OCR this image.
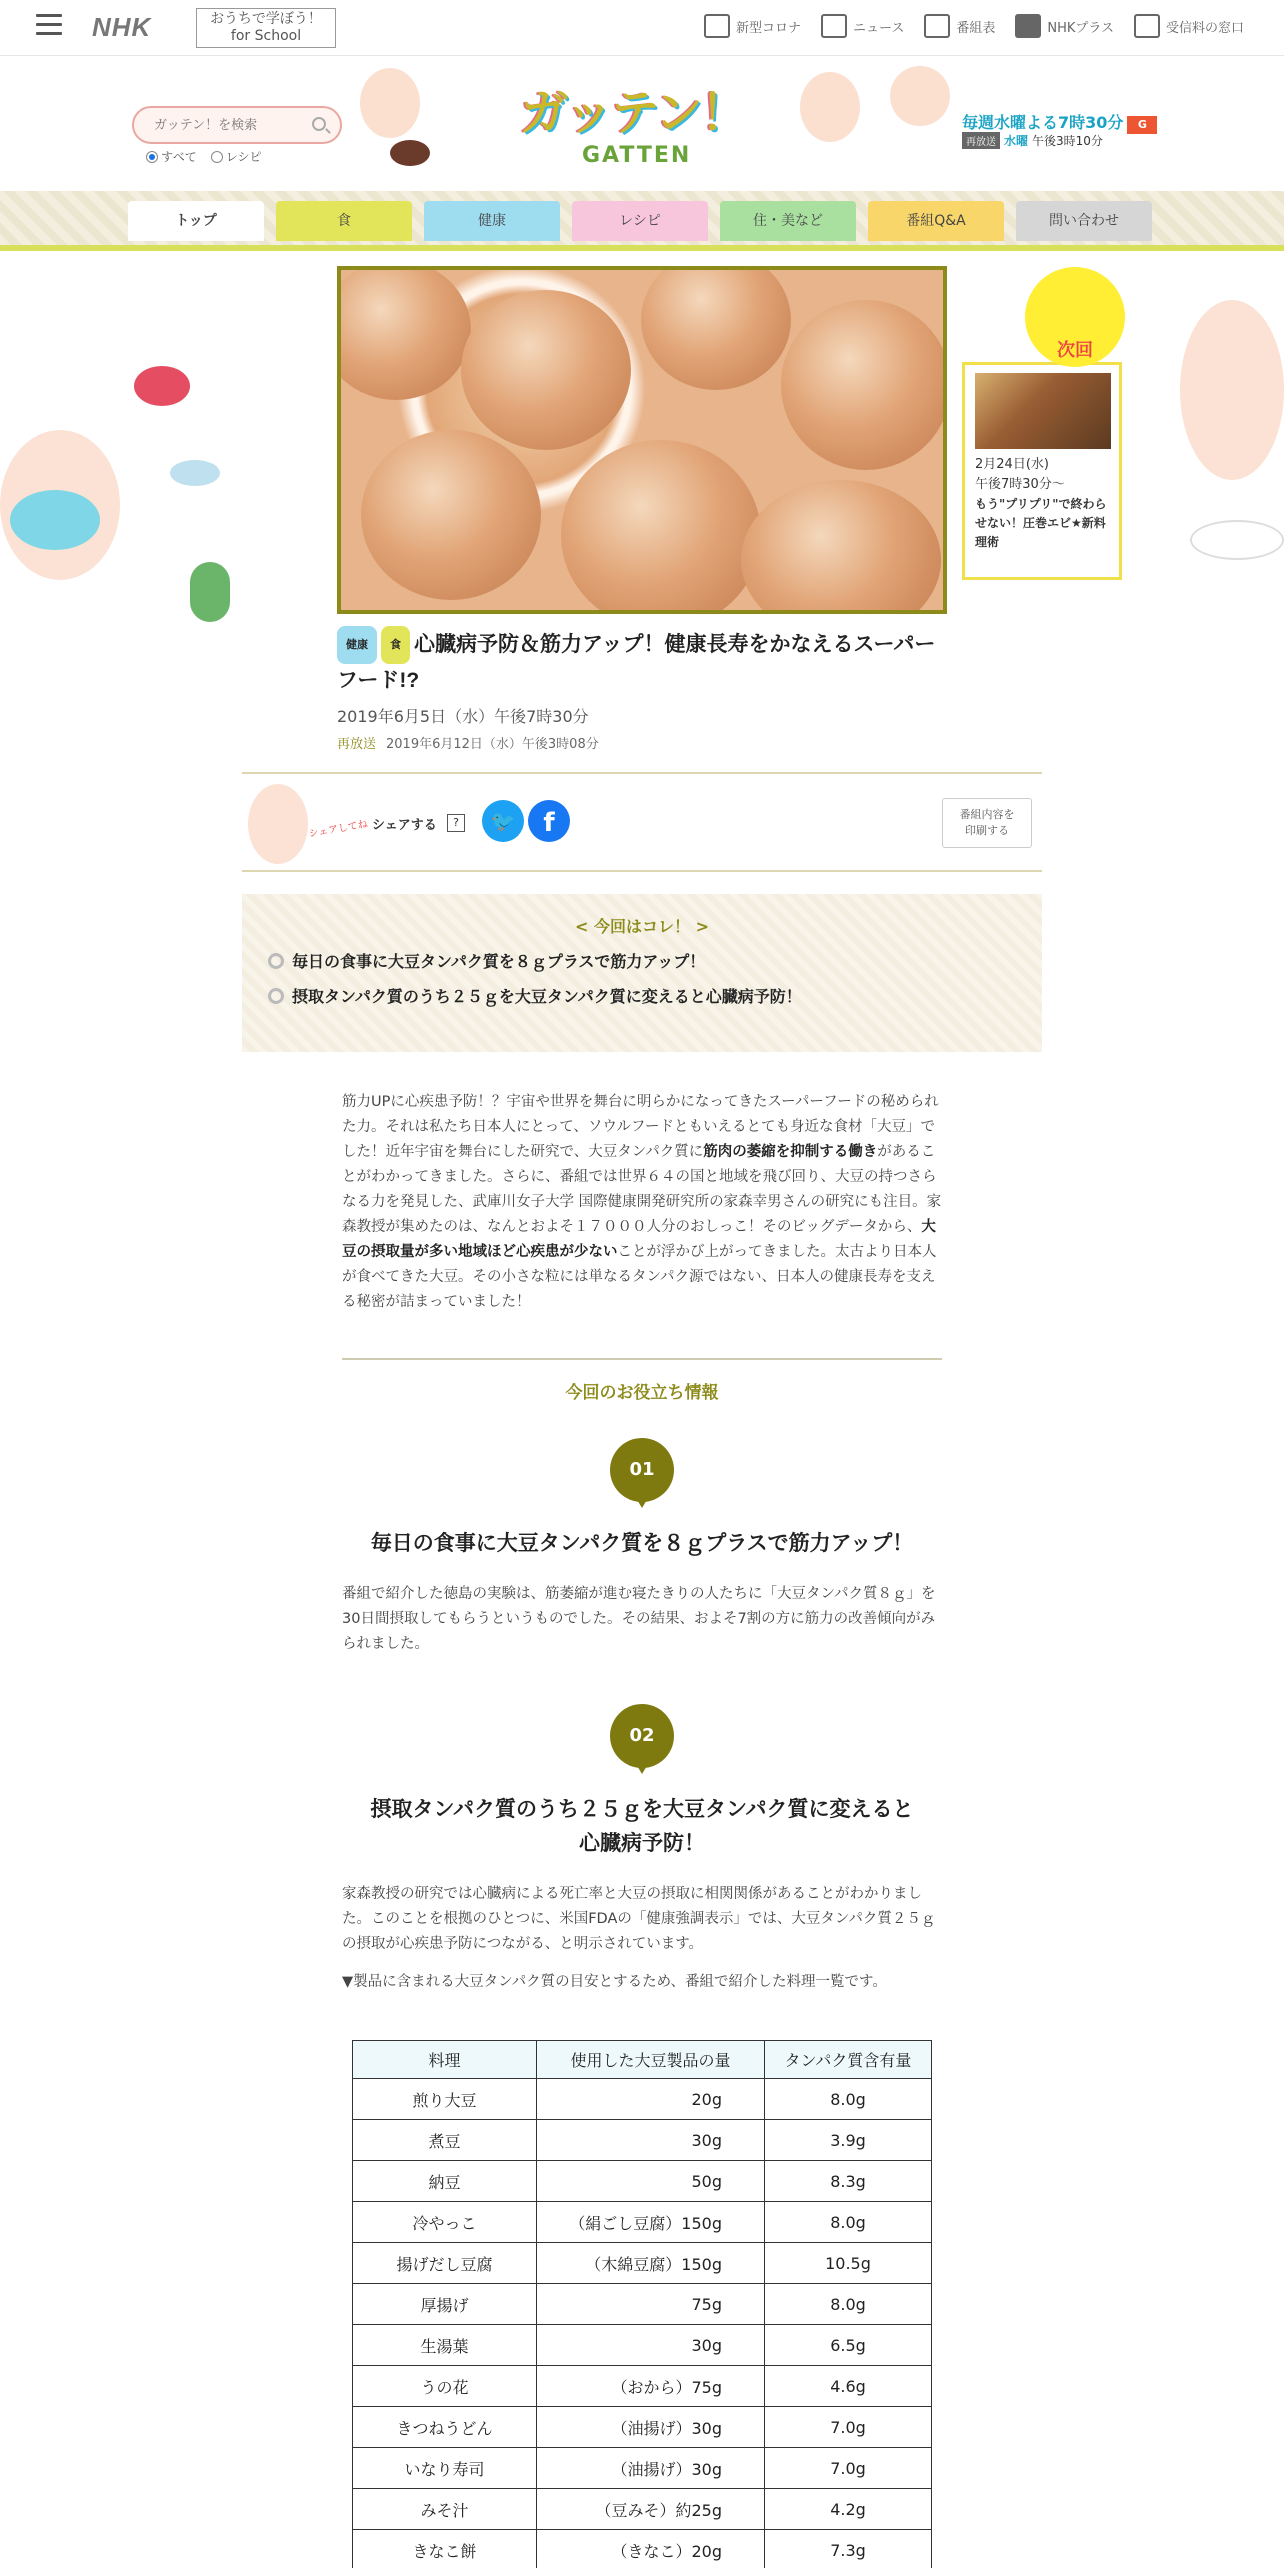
NHK	おうちで学ぼう！
for School	新型コロナ	ニュース	番組表	NHKプラス	受信料の窓口
ガッテン！を検索
すべて レシピ
ガッテン！
GATTEN
毎週水曜よる7時30分 G
再放送 水曜 午後3時10分
トップ	食	健康	レシピ	住・美など	番組Q&A	問い合わせ
次回
2月24日(水)
午後7時30分〜
もう"プリプリ"で終わらせない！圧巻エビ★新料理術
健康 食 心臓病予防＆筋力アップ！健康長寿をかなえるスーパーフード!?
2019年6月5日（水）午後7時30分
再放送 2019年6月12日（水）午後3時08分
シェアしてね シェアする	?	🐦	f	番組内容を
印刷する
< 今回はコレ！ >
毎日の食事に大豆タンパク質を８ｇプラスで筋力アップ！
摂取タンパク質のうち２５ｇを大豆タンパク質に変えると心臓病予防！
筋力UPに心疾患予防！？宇宙や世界を舞台に明らかになってきたスーパーフードの秘められた力。それは私たち日本人にとって、ソウルフードともいえるとても身近な食材「大豆」でした！近年宇宙を舞台にした研究で、大豆タンパク質に筋肉の萎縮を抑制する働きがあることがわかってきました。さらに、番組では世界６４の国と地域を飛び回り、大豆の持つさらなる力を発見した、武庫川女子大学 国際健康開発研究所の家森幸男さんの研究にも注目。家森教授が集めたのは、なんとおよそ１７０００人分のおしっこ！そのビッグデータから、大豆の摂取量が多い地域ほど心疾患が少ないことが浮かび上がってきました。太古より日本人が食べてきた大豆。その小さな粒には単なるタンパク源ではない、日本人の健康長寿を支える秘密が詰まっていました！
今回のお役立ち情報
01
毎日の食事に大豆タンパク質を８ｇプラスで筋力アップ！
番組で紹介した徳島の実験は、筋萎縮が進む寝たきりの人たちに「大豆タンパク質８ｇ」を30日間摂取してもらうというものでした。その結果、およそ7割の方に筋力の改善傾向がみられました。
02
摂取タンパク質のうち２５ｇを大豆タンパク質に変えると
心臓病予防！
家森教授の研究では心臓病による死亡率と大豆の摂取に相関関係があることがわかりました。このことを根拠のひとつに、米国FDAの「健康強調表示」では、大豆タンパク質２５ｇの摂取が心疾患予防につながる、と明示されています。
▼製品に含まれる大豆タンパク質の目安とするため、番組で紹介した料理一覧です。
料理	使用した大豆製品の量	タンパク質含有量
煎り大豆	20g	8.0g
煮豆	30g	3.9g
納豆	50g	8.3g
冷やっこ	（絹ごし豆腐）150g	8.0g
揚げだし豆腐	（木綿豆腐）150g	10.5g
厚揚げ	75g	8.0g
生湯葉	30g	6.5g
うの花	（おから）75g	4.6g
きつねうどん	（油揚げ）30g	7.0g
いなり寿司	（油揚げ）30g	7.0g
みそ汁	（豆みそ）約25g	4.2g
きなこ餅	（きなこ）20g	7.3g
